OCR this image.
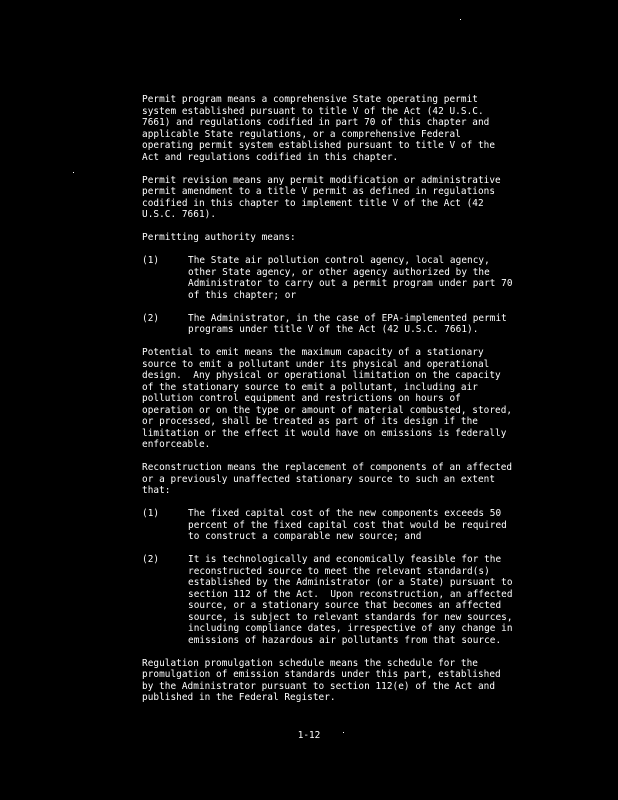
Permit program means a comprehensive State operating permit
system established pursuant to title V of the Act (42 U.S.C.
7661) and regulations codified in part 70 of this chapter and
applicable State regulations, or a comprehensive Federal
operating permit system established pursuant to title V of the
Act and regulations codified in this chapter.
Permit revision means any permit modification or administrative
permit amendment to a title V permit as defined in regulations
codified in this chapter to implement title V of the Act (42
U.S.C. 7661).
Permitting authority means:
(1)	The State air pollution control agency, local agency,
other State agency, or other agency authorized by the
Administrator to carry out a permit program under part 70
of this chapter; or
(2)	The Administrator, in the case of EPA-implemented permit
programs under title V of the Act (42 U.S.C. 7661).
Potential to emit means the maximum capacity of a stationary
source to emit a pollutant under its physical and operational
design.  Any physical or operational limitation on the capacity
of the stationary source to emit a pollutant, including air
pollution control equipment and restrictions on hours of
operation or on the type or amount of material combusted, stored,
or processed, shall be treated as part of its design if the
limitation or the effect it would have on emissions is federally
enforceable.
Reconstruction means the replacement of components of an affected
or a previously unaffected stationary source to such an extent
that:
(1)	The fixed capital cost of the new components exceeds 50
percent of the fixed capital cost that would be required
to construct a comparable new source; and
(2)	It is technologically and economically feasible for the
reconstructed source to meet the relevant standard(s)
established by the Administrator (or a State) pursuant to
section 112 of the Act.  Upon reconstruction, an affected
source, or a stationary source that becomes an affected
source, is subject to relevant standards for new sources,
including compliance dates, irrespective of any change in
emissions of hazardous air pollutants from that source.
Regulation promulgation schedule means the schedule for the
promulgation of emission standards under this part, established
by the Administrator pursuant to section 112(e) of the Act and
published in the Federal Register.
1-12
